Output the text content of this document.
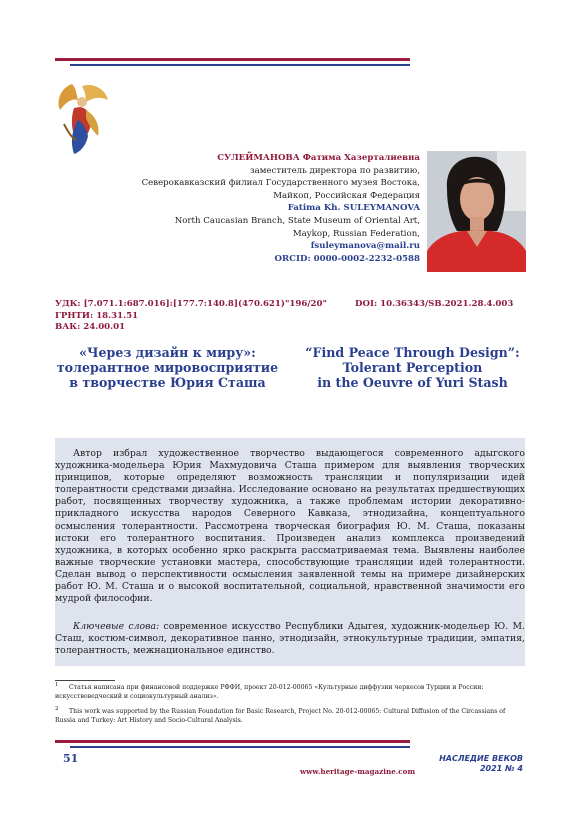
СУЛЕЙМАНОВА Фатима Хазерталиевна
заместитель директора по развитию,
Северокавказский филиал Государственного музея Востока,
Майкоп, Российская Федерация
Fatima Kh. SULEYMANOVA
North Caucasian Branch, State Museum of Oriental Art,
Maykop, Russian Federation,
fsuleymanova@mail.ru
ORCID: 0000-0002-2232-0588
УДК: [7.071.1:687.016]:[177.7:140.8](470.621)"196/20"
ГРНТИ: 18.31.51
ВАК: 24.00.01
DOI: 10.36343/SB.2021.28.4.003
«Через дизайн к миру»:
толерантное мировосприятие
в творчестве Юрия Сташа
“Find Peace Through Design”:
Tolerant Perception
in the Oeuvre of Yuri Stash

Автор избрал художественное творчество выдающегося современного адыгского художника-модельера Юрия Махмудовича Сташа примером для выявления творческих принципов, которые определяют возможность трансляции и популяризации идей толерантности средствами дизайна. Исследование основано на результатах предшествующих работ, посвященных творчеству художника, а также проблемам истории декоративно-прикладного искусства народов Северного Кавказа, этнодизайна, концептуального осмысления толерантности. Рассмотрена творческая биография Ю. М. Сташа, показаны истоки его толерантного воспитания. Произведен анализ комплекса произведений художника, в которых особенно ярко раскрыта рассматриваемая тема. Выявлены наиболее важные творческие установки мастера, способствующие трансляции идей толерантности. Сделан вывод о перспективности осмысления заявленной темы на примере дизайнерских работ Ю. М. Сташа и о высокой воспитательной, социальной, нравственной значимости его мудрой философии.

Ключевые слова: современное искусство Республики Адыгея, художник-модельер Ю. М. Сташ, костюм-символ, декоративное панно, этнодизайн, этнокультурные традиции, эмпатия, толерантность, межнациональное единство.

1	Статья написана при финансовой поддержке РФФИ, проект 20-012-00065 «Культурные диффузии черкесов Турции и России: искусствоведческий и социокультурный анализ».
2	This work was supported by the Russian Foundation for Basic Research, Project No. 20-012-00065: Cultural Diffusion of the Circassians of Russia and Turkey: Art History and Socio-Cultural Analysis.
51
www.heritage-magazine.com
НАСЛЕДИЕ ВЕКОВ
2021 № 4
